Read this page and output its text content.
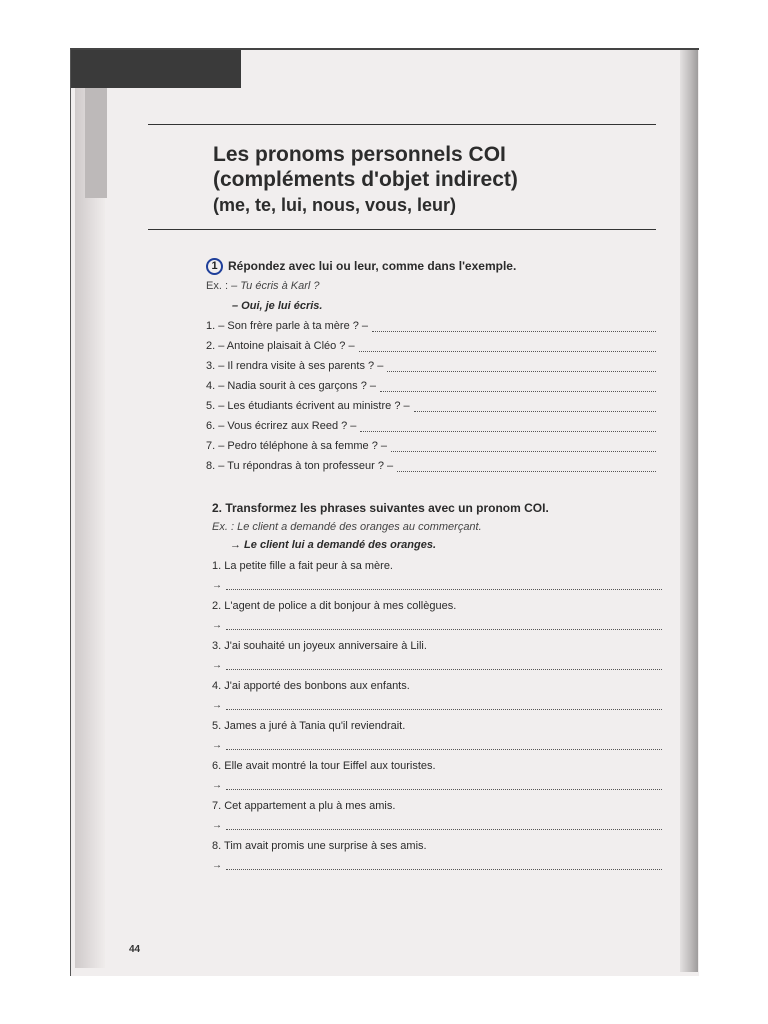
Les pronoms personnels COI
(compléments d'objet indirect)
(me, te, lui, nous, vous, leur)
1 Répondez avec lui ou leur, comme dans l'exemple.
Ex. : – Tu écris à Karl ?
– Oui, je lui écris.
1. – Son frère parle à ta mère ? –
2. – Antoine plaisait à Cléo ? –
3. – Il rendra visite à ses parents ? –
4. – Nadia sourit à ces garçons ? –
5. – Les étudiants écrivent au ministre ? –
6. – Vous écrirez aux Reed ? –
7. – Pedro téléphone à sa femme ? –
8. – Tu répondras à ton professeur ? –
2. Transformez les phrases suivantes avec un pronom COI.
Ex. : Le client a demandé des oranges au commerçant.
→ Le client lui a demandé des oranges.
1. La petite fille a fait peur à sa mère.
→
2. L'agent de police a dit bonjour à mes collègues.
→
3. J'ai souhaité un joyeux anniversaire à Lili.
→
4. J'ai apporté des bonbons aux enfants.
→
5. James a juré à Tania qu'il reviendrait.
→
6. Elle avait montré la tour Eiffel aux touristes.
→
7. Cet appartement a plu à mes amis.
→
8. Tim avait promis une surprise à ses amis.
→
44
